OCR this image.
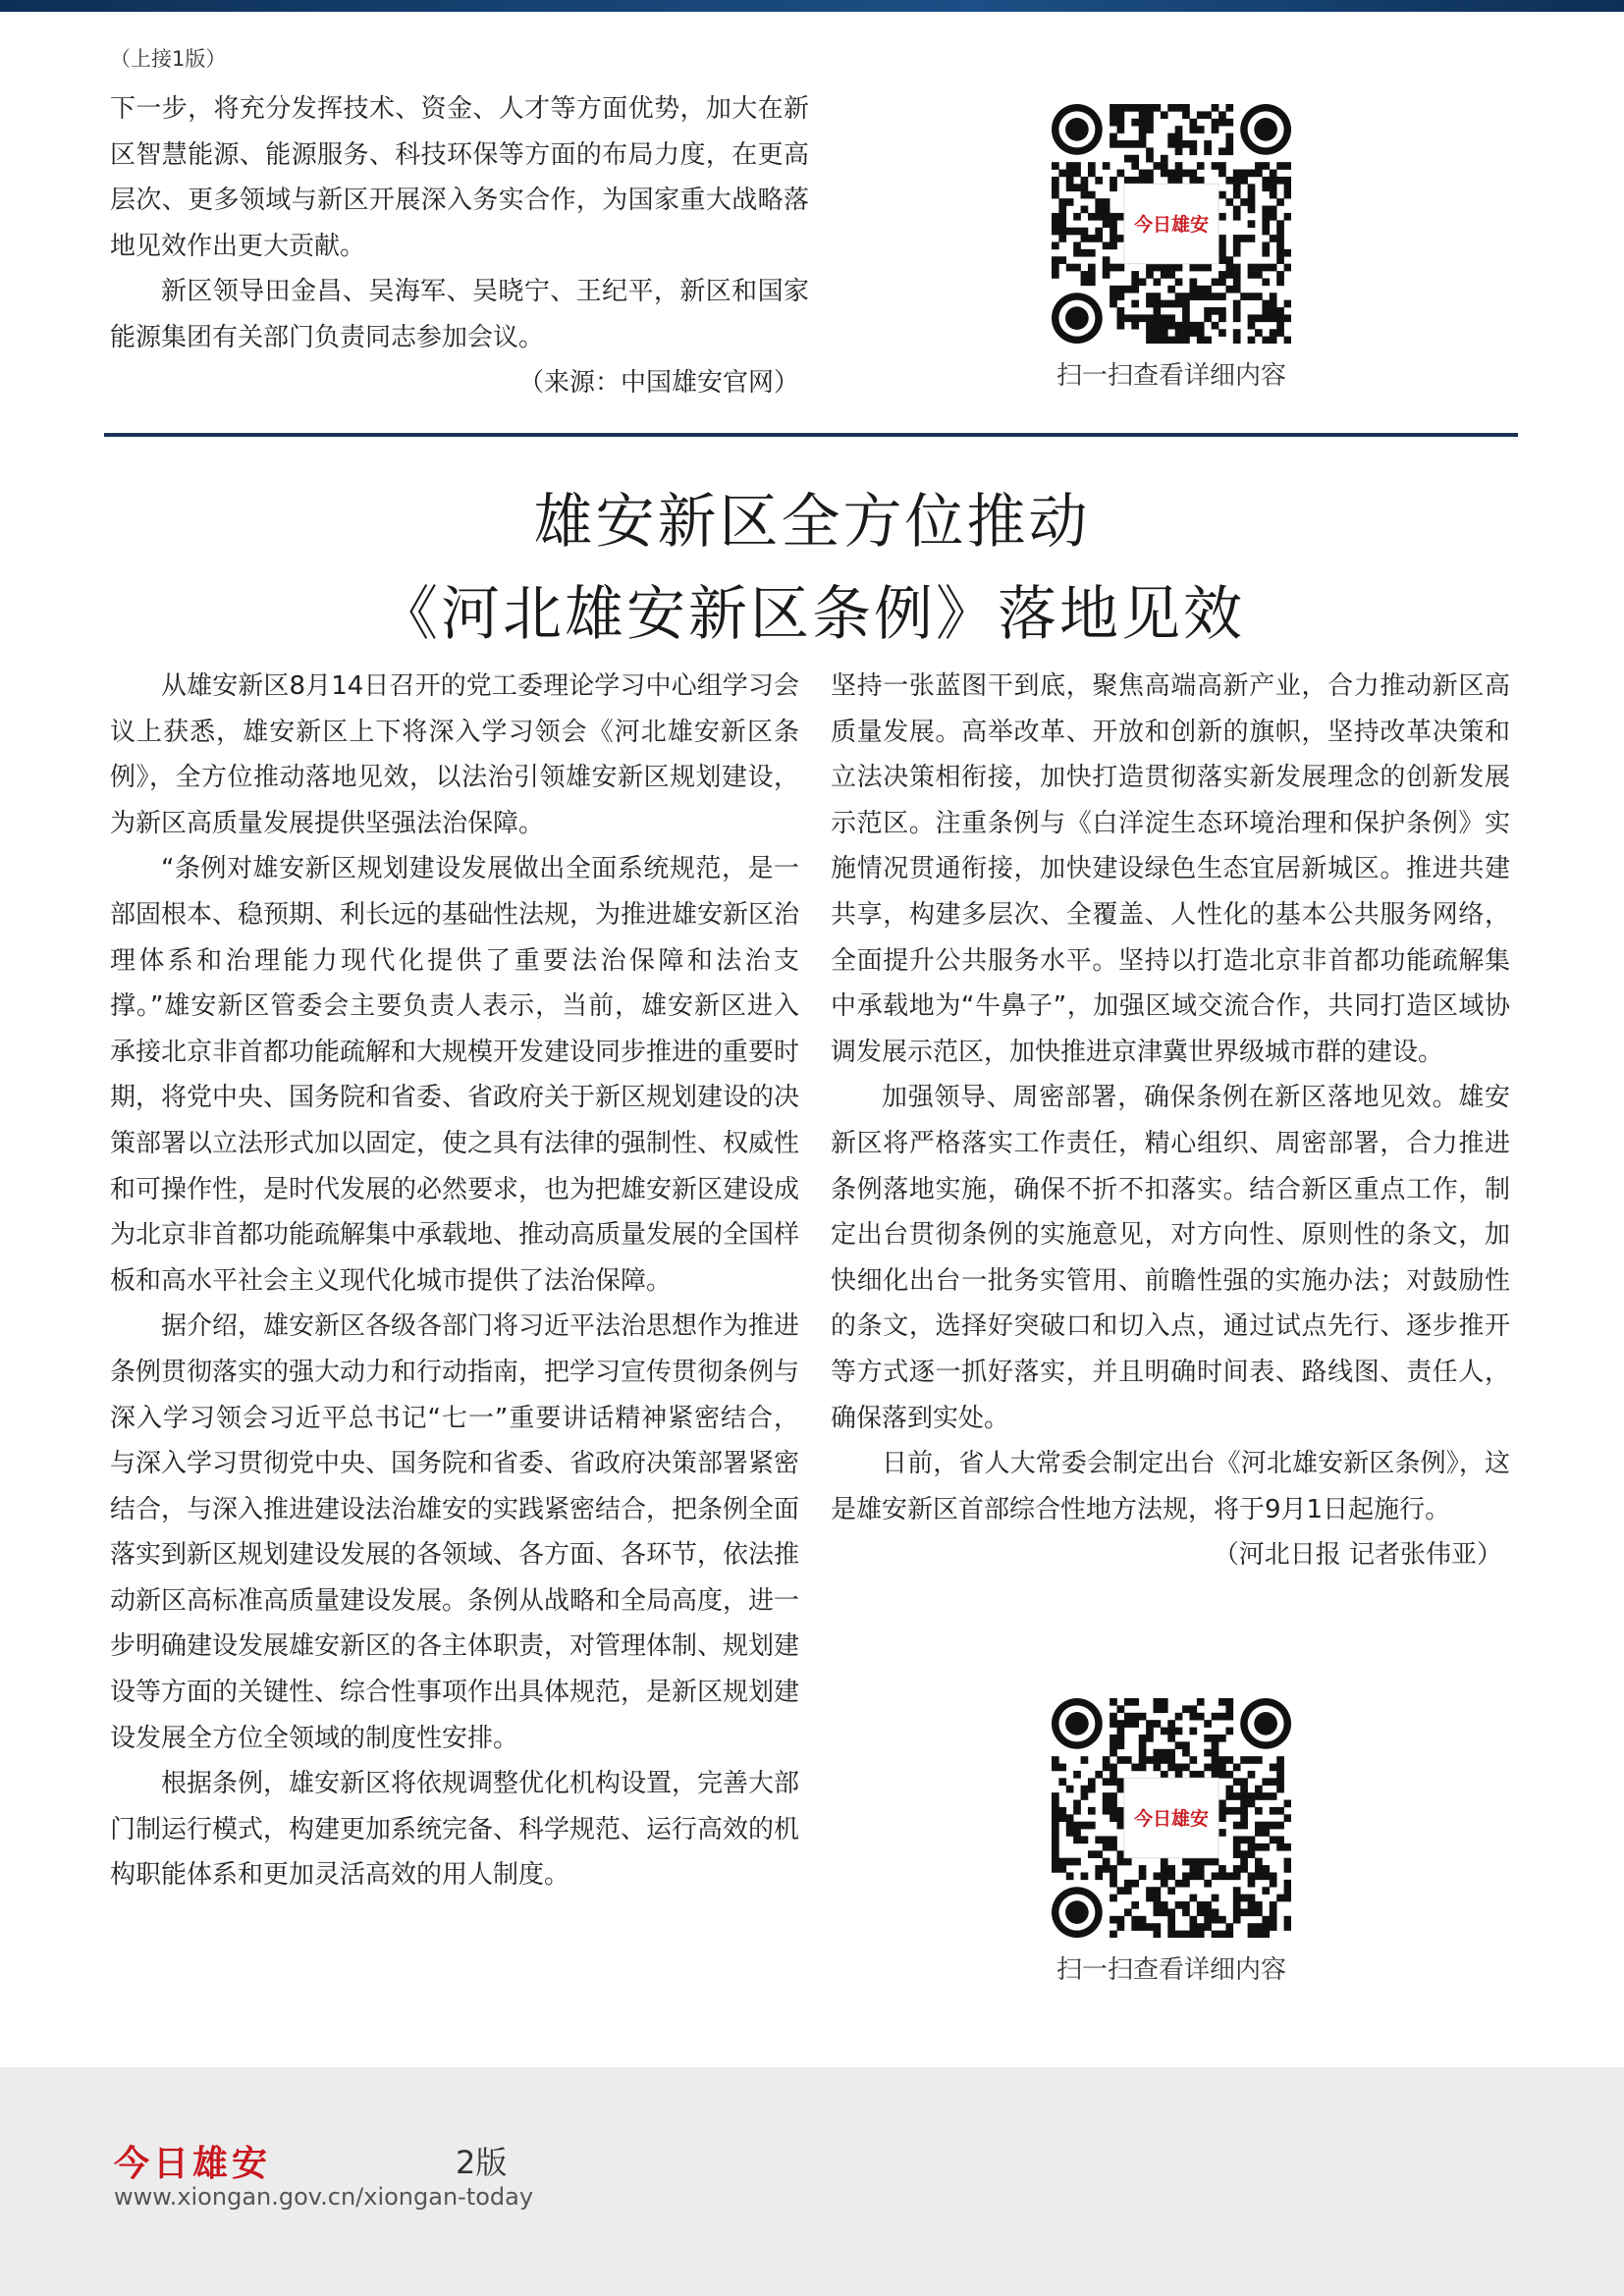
（上接1版）

下一步，将充分发挥技术、资金、人才等方面优势，加大在新区智慧能源、能源服务、科技环保等方面的布局力度，在更高层次、更多领域与新区开展深入务实合作，为国家重大战略落地见效作出更大贡献。

新区领导田金昌、吴海军、吴晓宁、王纪平，新区和国家能源集团有关部门负责同志参加会议。

（来源：中国雄安官网）

今日雄安
扫一扫查看详细内容
雄安新区全方位推动
《河北雄安新区条例》落地见效

从雄安新区8月14日召开的党工委理论学习中心组学习会议上获悉，雄安新区上下将深入学习领会《河北雄安新区条例》，全方位推动落地见效，以法治引领雄安新区规划建设，为新区高质量发展提供坚强法治保障。

“条例对雄安新区规划建设发展做出全面系统规范，是一部固根本、稳预期、利长远的基础性法规，为推进雄安新区治理体系和治理能力现代化提供了重要法治保障和法治支撑。”雄安新区管委会主要负责人表示，当前，雄安新区进入承接北京非首都功能疏解和大规模开发建设同步推进的重要时期，将党中央、国务院和省委、省政府关于新区规划建设的决策部署以立法形式加以固定，使之具有法律的强制性、权威性和可操作性，是时代发展的必然要求，也为把雄安新区建设成为北京非首都功能疏解集中承载地、推动高质量发展的全国样板和高水平社会主义现代化城市提供了法治保障。

据介绍，雄安新区各级各部门将习近平法治思想作为推进条例贯彻落实的强大动力和行动指南，把学习宣传贯彻条例与深入学习领会习近平总书记“七一”重要讲话精神紧密结合，与深入学习贯彻党中央、国务院和省委、省政府决策部署紧密结合，与深入推进建设法治雄安的实践紧密结合，把条例全面落实到新区规划建设发展的各领域、各方面、各环节，依法推动新区高标准高质量建设发展。条例从战略和全局高度，进一步明确建设发展雄安新区的各主体职责，对管理体制、规划建设等方面的关键性、综合性事项作出具体规范，是新区规划建设发展全方位全领域的制度性安排。

根据条例，雄安新区将依规调整优化机构设置，完善大部门制运行模式，构建更加系统完备、科学规范、运行高效的机构职能体系和更加灵活高效的用人制度。

坚持一张蓝图干到底，聚焦高端高新产业，合力推动新区高质量发展。高举改革、开放和创新的旗帜，坚持改革决策和立法决策相衔接，加快打造贯彻落实新发展理念的创新发展示范区。注重条例与《白洋淀生态环境治理和保护条例》实施情况贯通衔接，加快建设绿色生态宜居新城区。推进共建共享，构建多层次、全覆盖、人性化的基本公共服务网络，全面提升公共服务水平。坚持以打造北京非首都功能疏解集中承载地为“牛鼻子”，加强区域交流合作，共同打造区域协调发展示范区，加快推进京津冀世界级城市群的建设。

加强领导、周密部署，确保条例在新区落地见效。雄安新区将严格落实工作责任，精心组织、周密部署，合力推进条例落地实施，确保不折不扣落实。结合新区重点工作，制定出台贯彻条例的实施意见，对方向性、原则性的条文，加快细化出台一批务实管用、前瞻性强的实施办法；对鼓励性的条文，选择好突破口和切入点，通过试点先行、逐步推开等方式逐一抓好落实，并且明确时间表、路线图、责任人，确保落到实处。

日前，省人大常委会制定出台《河北雄安新区条例》，这是雄安新区首部综合性地方法规，将于9月1日起施行。

（河北日报 记者张伟亚）

今日雄安
扫一扫查看详细内容
今日雄安	2版
www.xiongan.gov.cn/xiongan-today
